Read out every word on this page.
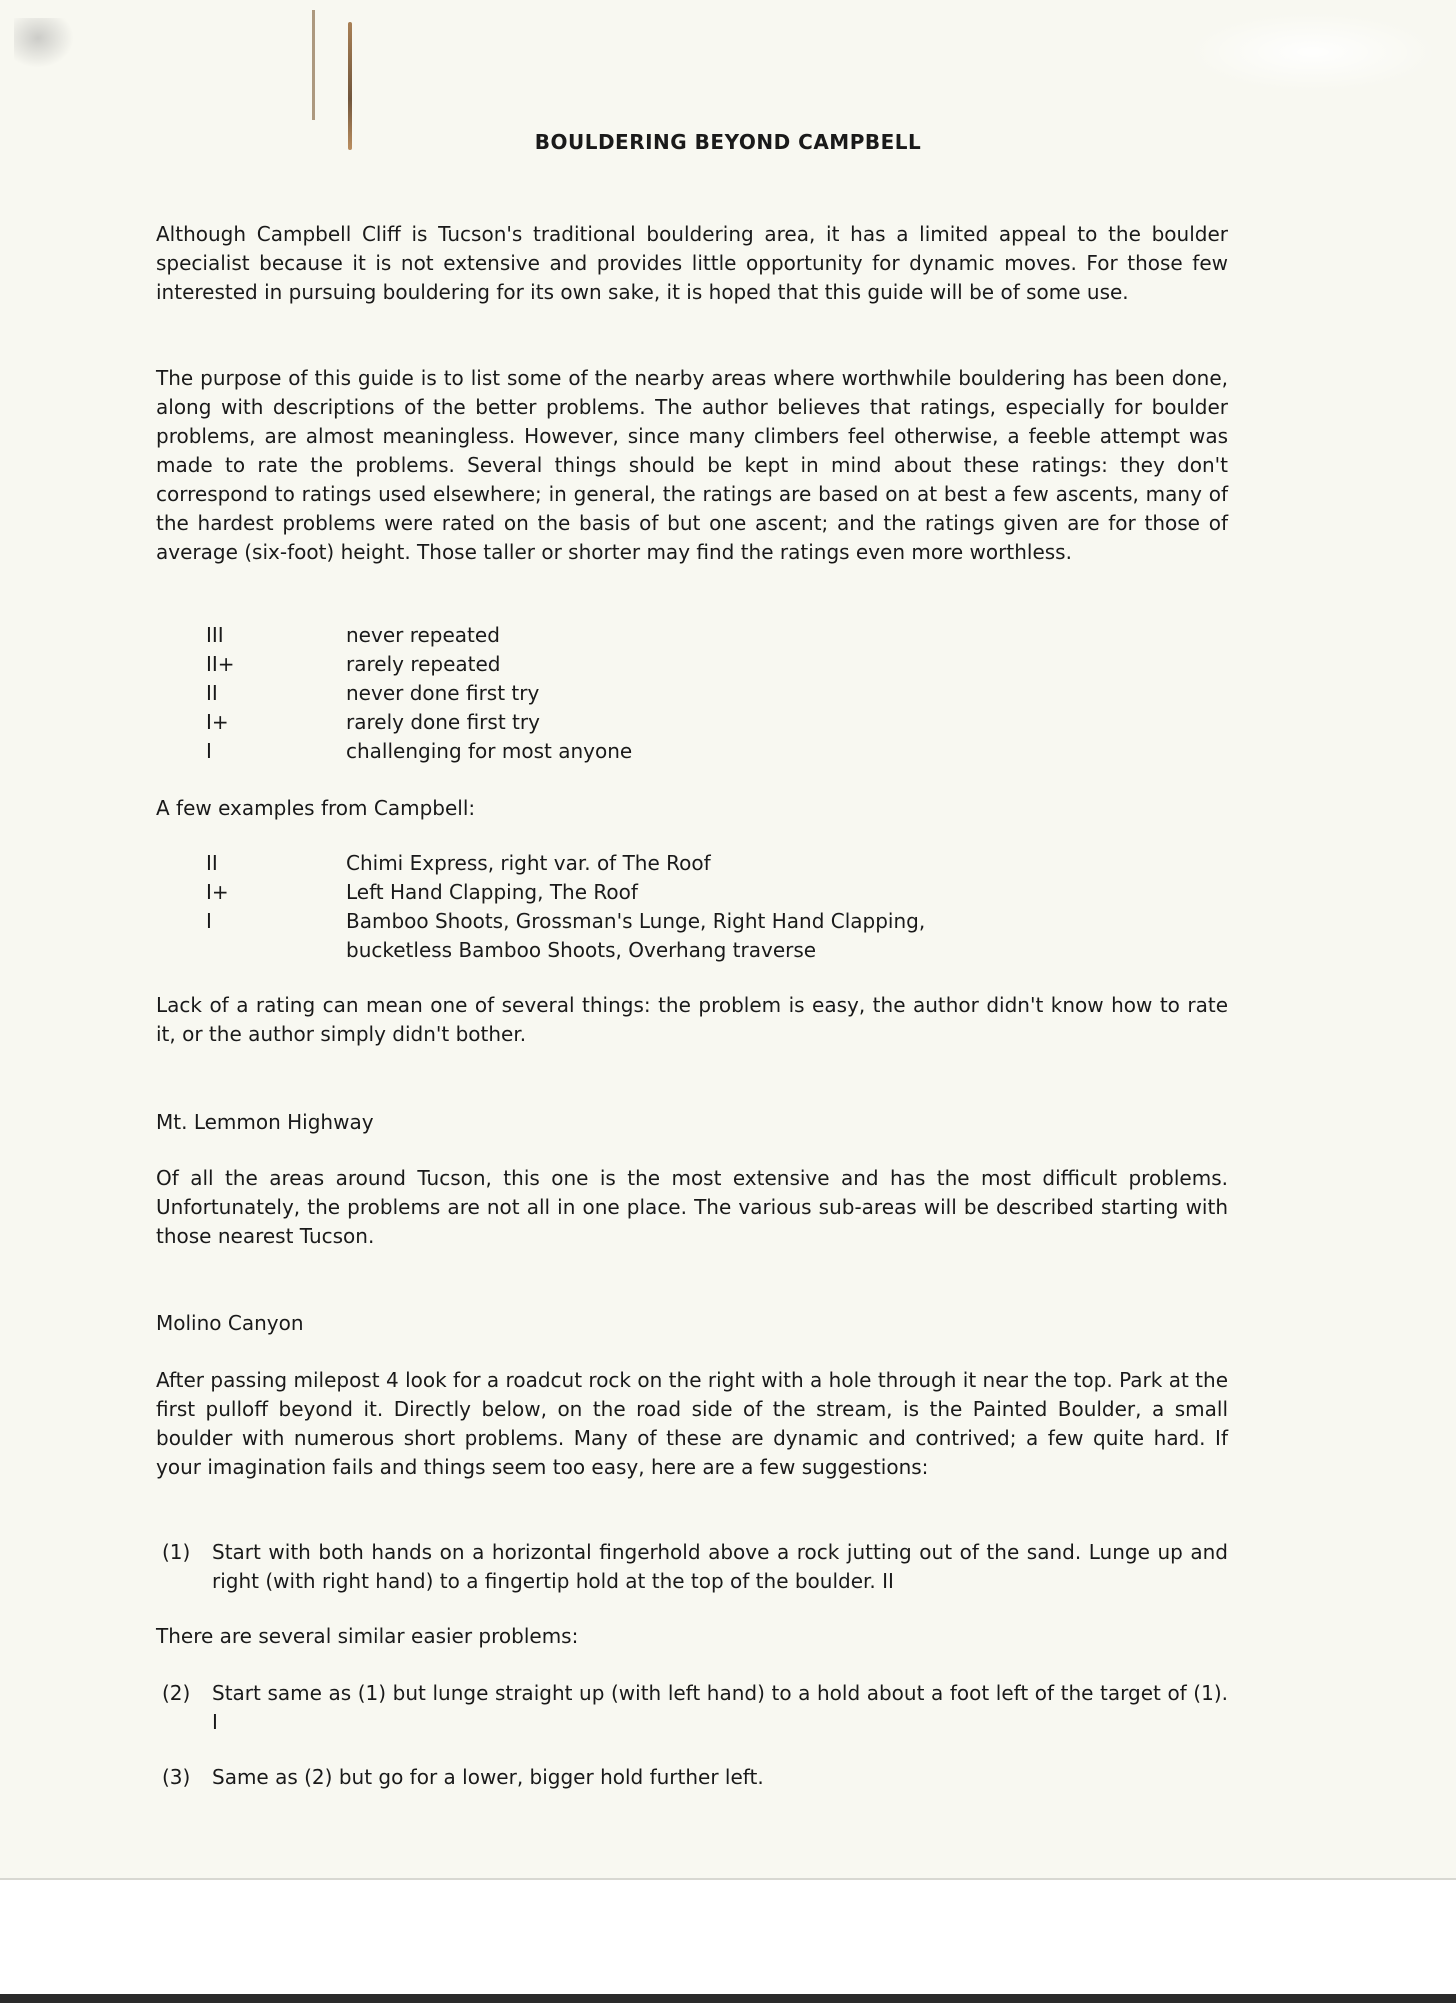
BOULDERING BEYOND CAMPBELL
Although Campbell Cliff is Tucson's traditional bouldering area, it has a limited appeal to the boulder specialist because it is not extensive and provides little opportunity for dynamic moves. For those few interested in pursuing bouldering for its own sake, it is hoped that this guide will be of some use.
The purpose of this guide is to list some of the nearby areas where worthwhile bouldering has been done, along with descriptions of the better problems. The author believes that ratings, especially for boulder problems, are almost meaningless. However, since many climbers feel otherwise, a feeble attempt was made to rate the problems. Several things should be kept in mind about these ratings: they don't correspond to ratings used elsewhere; in general, the ratings are based on at best a few ascents, many of the hardest problems were rated on the basis of but one ascent; and the ratings given are for those of average (six-foot) height. Those taller or shorter may find the ratings even more worthless.
III	never repeated
II+	rarely repeated
II	never done first try
I+	rarely done first try
I	challenging for most anyone
A few examples from Campbell:
II	Chimi Express, right var. of The Roof
I+	Left Hand Clapping, The Roof
I	Bamboo Shoots, Grossman's Lunge, Right Hand Clapping,
bucketless Bamboo Shoots, Overhang traverse
Lack of a rating can mean one of several things: the problem is easy, the author didn't know how to rate it, or the author simply didn't bother.
Mt. Lemmon Highway
Of all the areas around Tucson, this one is the most extensive and has the most difficult problems. Unfortunately, the problems are not all in one place. The various sub-areas will be described starting with those nearest Tucson.
Molino Canyon
After passing milepost 4 look for a roadcut rock on the right with a hole through it near the top. Park at the first pulloff beyond it. Directly below, on the road side of the stream, is the Painted Boulder, a small boulder with numerous short problems. Many of these are dynamic and contrived; a few quite hard. If your imagination fails and things seem too easy, here are a few suggestions:
(1)	Start with both hands on a horizontal fingerhold above a rock jutting out of the sand. Lunge up and right (with right hand) to a fingertip hold at the top of the boulder. II
There are several similar easier problems:
(2)	Start same as (1) but lunge straight up (with left hand) to a hold about a foot left of the target of (1). I
(3)	Same as (2) but go for a lower, bigger hold further left.
